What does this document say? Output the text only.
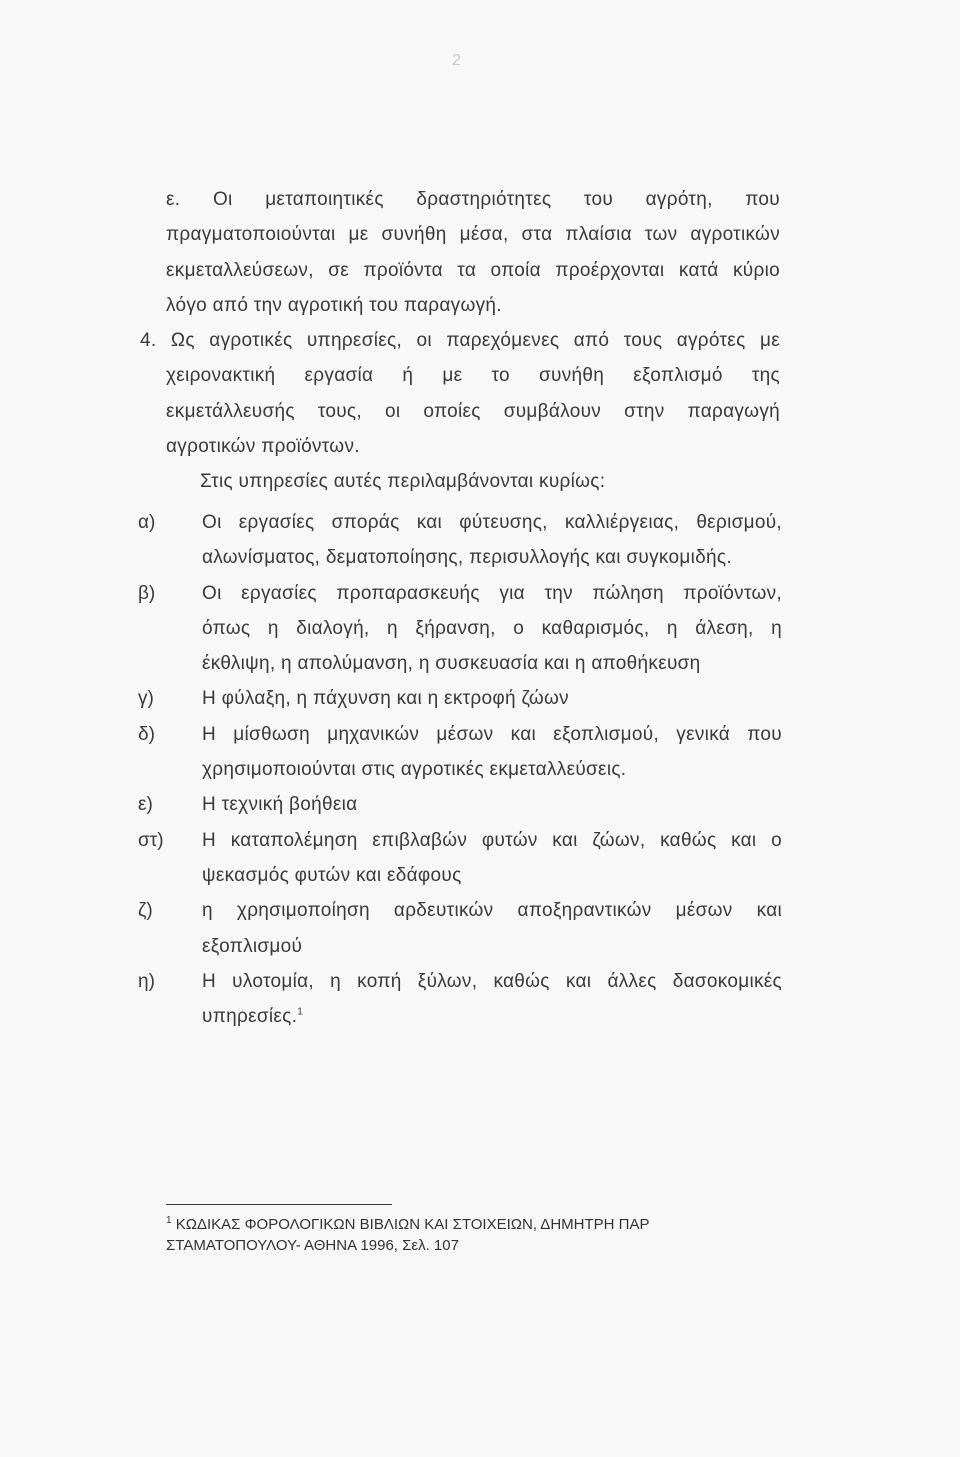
2
ε. Οι μεταποιητικές δραστηριότητες του αγρότη, που
πραγματοποιούνται με συνήθη μέσα, στα πλαίσια των αγροτικών
εκμεταλλεύσεων, σε προϊόντα τα οποία προέρχονται κατά κύριο
λόγο από την αγροτική του παραγωγή.
4. Ως αγροτικές υπηρεσίες, οι παρεχόμενες από τους αγρότες με
χειρονακτική εργασία ή με το συνήθη εξοπλισμό της
εκμετάλλευσής τους, οι οποίες συμβάλουν στην παραγωγή
αγροτικών προϊόντων.
Στις υπηρεσίες αυτές περιλαμβάνονται κυρίως:
α) Οι εργασίες σποράς και φύτευσης, καλλιέργειας, θερισμού,
αλωνίσματος, δεματοποίησης, περισυλλογής και συγκομιδής.
β) Οι εργασίες προπαρασκευής για την πώληση προϊόντων,
όπως η διαλογή, η ξήρανση, ο καθαρισμός, η άλεση, η
έκθλιψη, η απολύμανση, η συσκευασία και η αποθήκευση
γ)	Η φύλαξη, η πάχυνση και η εκτροφή ζώων
δ) Η μίσθωση μηχανικών μέσων και εξοπλισμού, γενικά που
χρησιμοποιούνται στις αγροτικές εκμεταλλεύσεις.
ε)	Η τεχνική βοήθεια
στ) Η καταπολέμηση επιβλαβών φυτών και ζώων, καθώς και ο
ψεκασμός φυτών και εδάφους
ζ)	η χρησιμοποίηση αρδευτικών αποξηραντικών μέσων και
εξοπλισμού
η) Η υλοτομία, η κοπή ξύλων, καθώς και άλλες δασοκομικές
υπηρεσίες.$^1$
$^1$ ΚΩΔΙΚΑΣ ΦΟΡΟΛΟΓΙΚΩΝ ΒΙΒΛΙΩΝ ΚΑΙ ΣΤΟΙΧΕΙΩΝ, ΔΗΜΗΤΡΗ ΠΑΡ
ΣΤΑΜΑΤΟΠΟΥΛΟΥ- ΑΘΗΝΑ 1996, Σελ. 107
